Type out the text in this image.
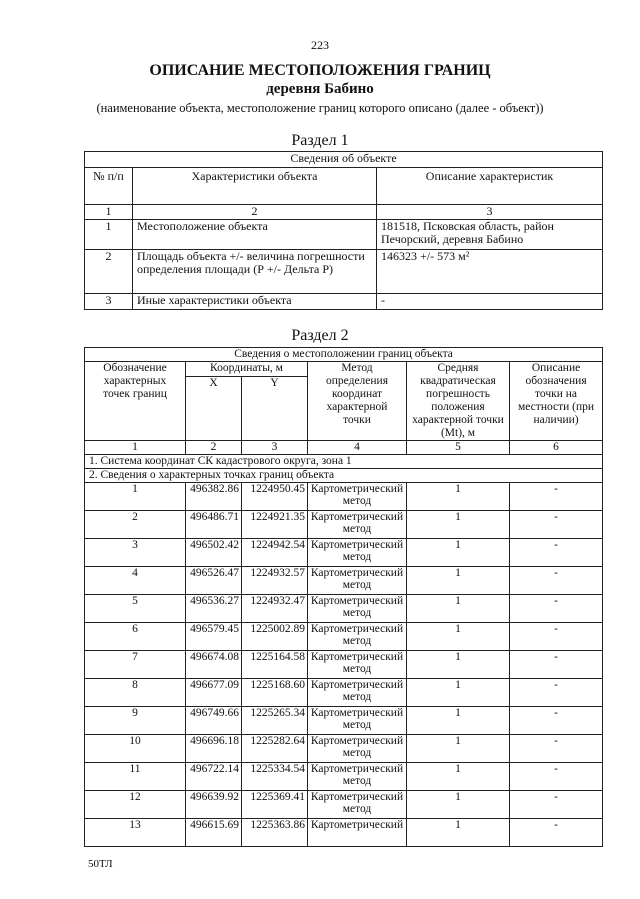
223
ОПИСАНИЕ МЕСТОПОЛОЖЕНИЯ ГРАНИЦ
деревня Бабино
(наименование объекта, местоположение границ которого описано (далее - объект))
Раздел 1
Сведения об объекте		
№ п/п	Характеристики объекта	Описание характеристик
1	2	3
1	Местоположение объекта	181518, Псковская область, район Печорский, деревня Бабино
2	Площадь объекта +/- величина погрешности определения площади (Р +/- Дельта Р)	146323 +/- 573 м²
3	Иные характеристики объекта	-
Раздел 2
Сведения о местоположении границ объекта					
Обозначение характерных точек границ	Координаты, м		Метод определения координат характерной точки	Средняя квадратическая погрешность положения характерной точки (Mt), м	Описание обозначения точки на местности (при наличии)
	X	Y			
1	2	3	4	5	6
1. Система координат СК кадастрового округа, зона 1					
2. Сведения о характерных точках границ объекта					
1	496382.86	1224950.45	Картометрический метод	1	-
2	496486.71	1224921.35	Картометрический метод	1	-
3	496502.42	1224942.54	Картометрический метод	1	-
4	496526.47	1224932.57	Картометрический метод	1	-
5	496536.27	1224932.47	Картометрический метод	1	-
6	496579.45	1225002.89	Картометрический метод	1	-
7	496674.08	1225164.58	Картометрический метод	1	-
8	496677.09	1225168.60	Картометрический метод	1	-
9	496749.66	1225265.34	Картометрический метод	1	-
10	496696.18	1225282.64	Картометрический метод	1	-
11	496722.14	1225334.54	Картометрический метод	1	-
12	496639.92	1225369.41	Картометрический метод	1	-
13	496615.69	1225363.86	Картометрический	1	-
50ТЛ
